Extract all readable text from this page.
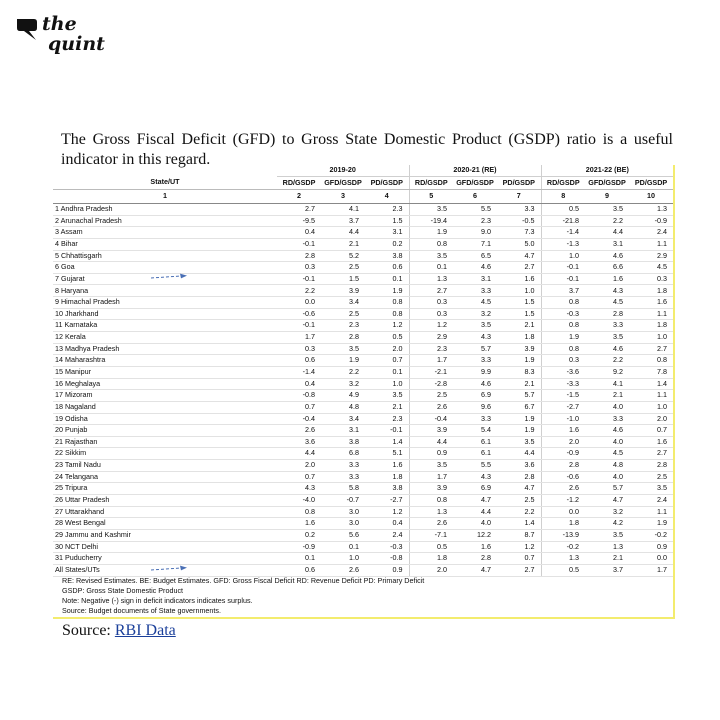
the
quint

The Gross Fiscal Deficit (GFD) to Gross State Domestic Product (GSDP) ratio is a useful indicator in this regard.

	2019-20			2020-21 (RE)			2021-22 (BE)		
State/UT	RD/GSDP	GFD/GSDP	PD/GSDP	RD/GSDP	GFD/GSDP	PD/GSDP	RD/GSDP	GFD/GSDP	PD/GSDP
1	2	3	4	5	6	7	8	9	10
1 Andhra Pradesh	2.7	4.1	2.3	3.5	5.5	3.3	0.5	3.5	1.3
2 Arunachal Pradesh	-9.5	3.7	1.5	-19.4	2.3	-0.5	-21.8	2.2	-0.9
3 Assam	0.4	4.4	3.1	1.9	9.0	7.3	-1.4	4.4	2.4
4 Bihar	-0.1	2.1	0.2	0.8	7.1	5.0	-1.3	3.1	1.1
5 Chhattisgarh	2.8	5.2	3.8	3.5	6.5	4.7	1.0	4.6	2.9
6 Goa	0.3	2.5	0.6	0.1	4.6	2.7	-0.1	6.6	4.5
7 Gujarat	-0.1	1.5	0.1	1.3	3.1	1.6	-0.1	1.6	0.3
8 Haryana	2.2	3.9	1.9	2.7	3.3	1.0	3.7	4.3	1.8
9 Himachal Pradesh	0.0	3.4	0.8	0.3	4.5	1.5	0.8	4.5	1.6
10 Jharkhand	-0.6	2.5	0.8	0.3	3.2	1.5	-0.3	2.8	1.1
11 Karnataka	-0.1	2.3	1.2	1.2	3.5	2.1	0.8	3.3	1.8
12 Kerala	1.7	2.8	0.5	2.9	4.3	1.8	1.9	3.5	1.0
13 Madhya Pradesh	0.3	3.5	2.0	2.3	5.7	3.9	0.8	4.6	2.7
14 Maharashtra	0.6	1.9	0.7	1.7	3.3	1.9	0.3	2.2	0.8
15 Manipur	-1.4	2.2	0.1	-2.1	9.9	8.3	-3.6	9.2	7.8
16 Meghalaya	0.4	3.2	1.0	-2.8	4.6	2.1	-3.3	4.1	1.4
17 Mizoram	-0.8	4.9	3.5	2.5	6.9	5.7	-1.5	2.1	1.1
18 Nagaland	0.7	4.8	2.1	2.6	9.6	6.7	-2.7	4.0	1.0
19 Odisha	-0.4	3.4	2.3	-0.4	3.3	1.9	-1.0	3.3	2.0
20 Punjab	2.6	3.1	-0.1	3.9	5.4	1.9	1.6	4.6	0.7
21 Rajasthan	3.6	3.8	1.4	4.4	6.1	3.5	2.0	4.0	1.6
22 Sikkim	4.4	6.8	5.1	0.9	6.1	4.4	-0.9	4.5	2.7
23 Tamil Nadu	2.0	3.3	1.6	3.5	5.5	3.6	2.8	4.8	2.8
24 Telangana	0.7	3.3	1.8	1.7	4.3	2.8	-0.6	4.0	2.5
25 Tripura	4.3	5.8	3.8	3.9	6.9	4.7	2.6	5.7	3.5
26 Uttar Pradesh	-4.0	-0.7	-2.7	0.8	4.7	2.5	-1.2	4.7	2.4
27 Uttarakhand	0.8	3.0	1.2	1.3	4.4	2.2	0.0	3.2	1.1
28 West Bengal	1.6	3.0	0.4	2.6	4.0	1.4	1.8	4.2	1.9
29 Jammu and Kashmir	0.2	5.6	2.4	-7.1	12.2	8.7	-13.9	3.5	-0.2
30 NCT Delhi	-0.9	0.1	-0.3	0.5	1.6	1.2	-0.2	1.3	0.9
31 Puducherry	0.1	1.0	-0.8	1.8	2.8	0.7	1.3	2.1	0.0
All States/UTs	0.6	2.6	0.9	2.0	4.7	2.7	0.5	3.7	1.7
RE: Revised Estimates. BE: Budget Estimates. GFD: Gross Fiscal Deficit RD: Revenue Deficit PD: Primary Deficit
GSDP: Gross State Domestic Product
Note: Negative (-) sign in deficit indicators indicates surplus.
Source: Budget documents of State governments.
Source: RBI Data
